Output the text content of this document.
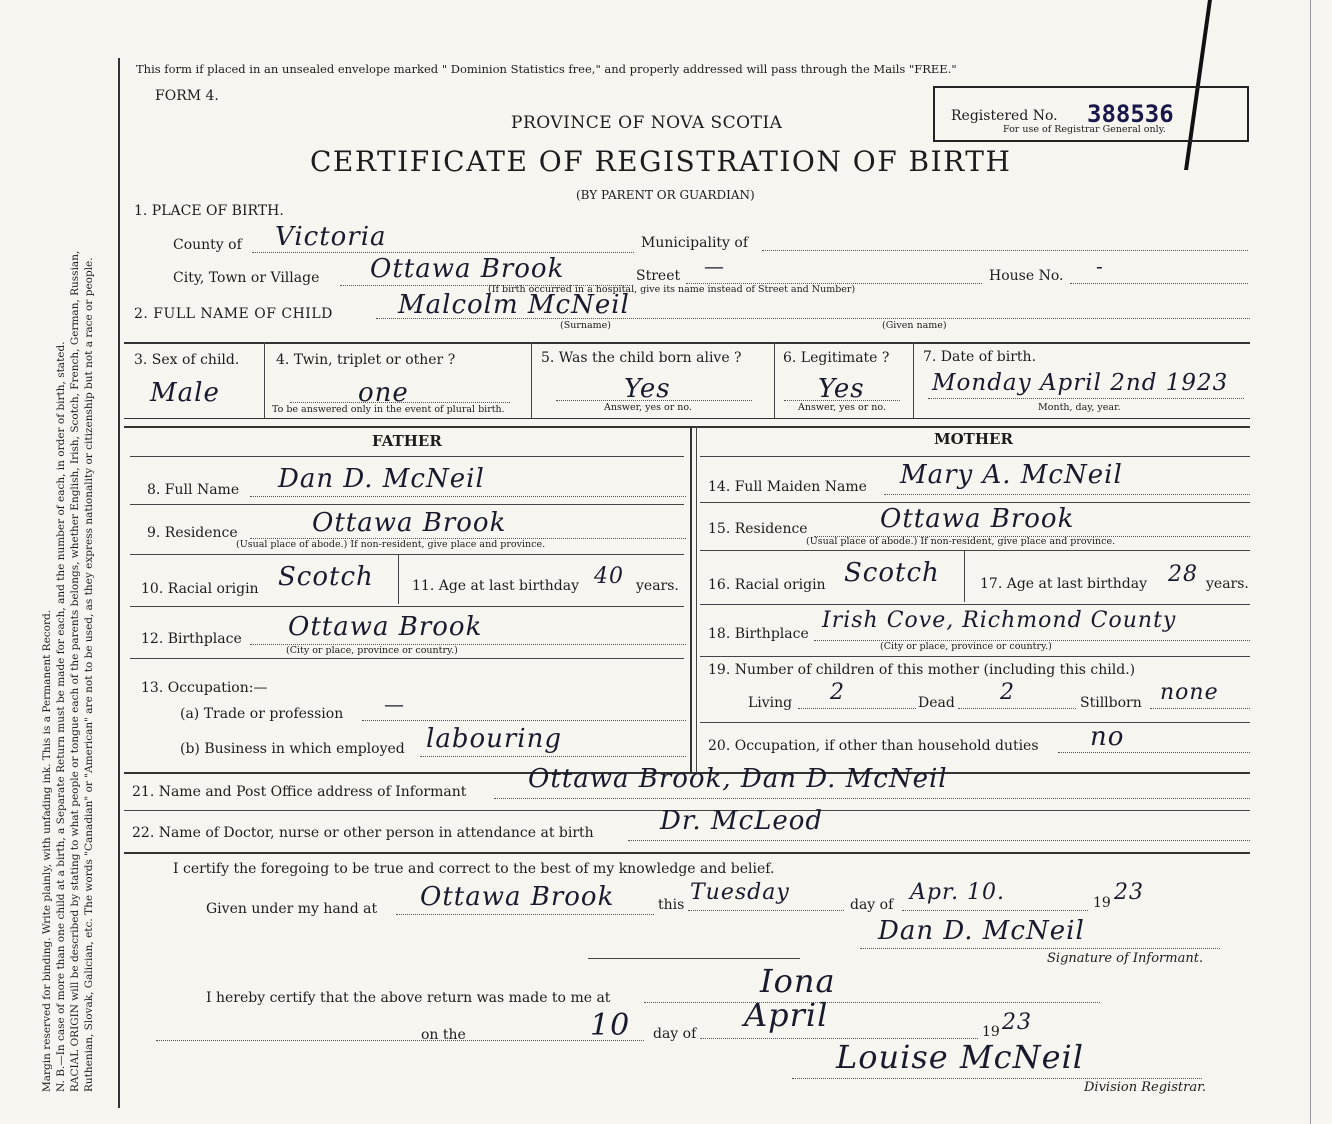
Margin reserved for binding. Write plainly, with unfading ink. This is a Permanent Record. N. B.—In case of more than one child at a birth, a Separate Return must be made for each, and the number of each, in order of birth, stated. RACIAL ORIGIN will be described by stating to what people or tongue each of the parents belongs, whether English, Irish, Scotch, French, German, Russian, Ruthenian, Slovak, Galician, etc. The words "Canadian" or "American" are not to be used, as they express nationality or citizenship but not a race or people.
This form if placed in an unsealed envelope marked " Dominion Statistics free," and properly addressed will pass through the Mails "FREE."
FORM 4.
PROVINCE OF NOVA SCOTIA
CERTIFICATE OF REGISTRATION OF BIRTH
(BY PARENT OR GUARDIAN)
Registered No. 388536
For use of Registrar General only.
1. PLACE OF BIRTH.
County of Victoria	Municipality of
City, Town or Village Ottawa Brook	Street —	House No. -
(If birth occurred in a hospital, give its name instead of Street and Number)
2. FULL NAME OF CHILD	Malcolm McNeil
(Surname)	(Given name)
3. Sex of child.
Male
4. Twin, triplet or other ?
one
To be answered only in the event of plural birth.
5. Was the child born alive ?
Yes
Answer, yes or no.
6. Legitimate ?
Yes
Answer, yes or no.
7. Date of birth.
Monday April 2nd 1923
Month, day, year.
FATHER
8. Full Name Dan D. McNeil
9. Residence	Ottawa Brook
(Usual place of abode.) If non-resident, give place and province.
10. Racial origin Scotch	11. Age at last birthday 40 years.
12. Birthplace Ottawa Brook
(City or place, province or country.)
13. Occupation:—
(a) Trade or profession —
(b) Business in which employed labouring
MOTHER
14. Full Maiden Name Mary A. McNeil
15. Residence	Ottawa Brook
(Usual place of abode.) If non-resident, give place and province.
16. Racial origin Scotch	17. Age at last birthday 28 years.
18. Birthplace
Irish Cove, Richmond County
(City or place, province or country.)
19. Number of children of this mother (including this child.)
Living 2	Dead 2	Stillborn none
20. Occupation, if other than household duties no
21. Name and Post Office address of Informant Ottawa Brook, Dan D. McNeil
22. Name of Doctor, nurse or other person in attendance at birth	Dr. McLeod
I certify the foregoing to be true and correct to the best of my knowledge and belief.
Given under my hand at Ottawa Brook	this Tuesday	day of Apr. 10.	19 23
Dan D. McNeil
Signature of Informant.
I hereby certify that the above return was made to me at	Iona
on the	10 day of April	19 23
Louise McNeil
Division Registrar.
